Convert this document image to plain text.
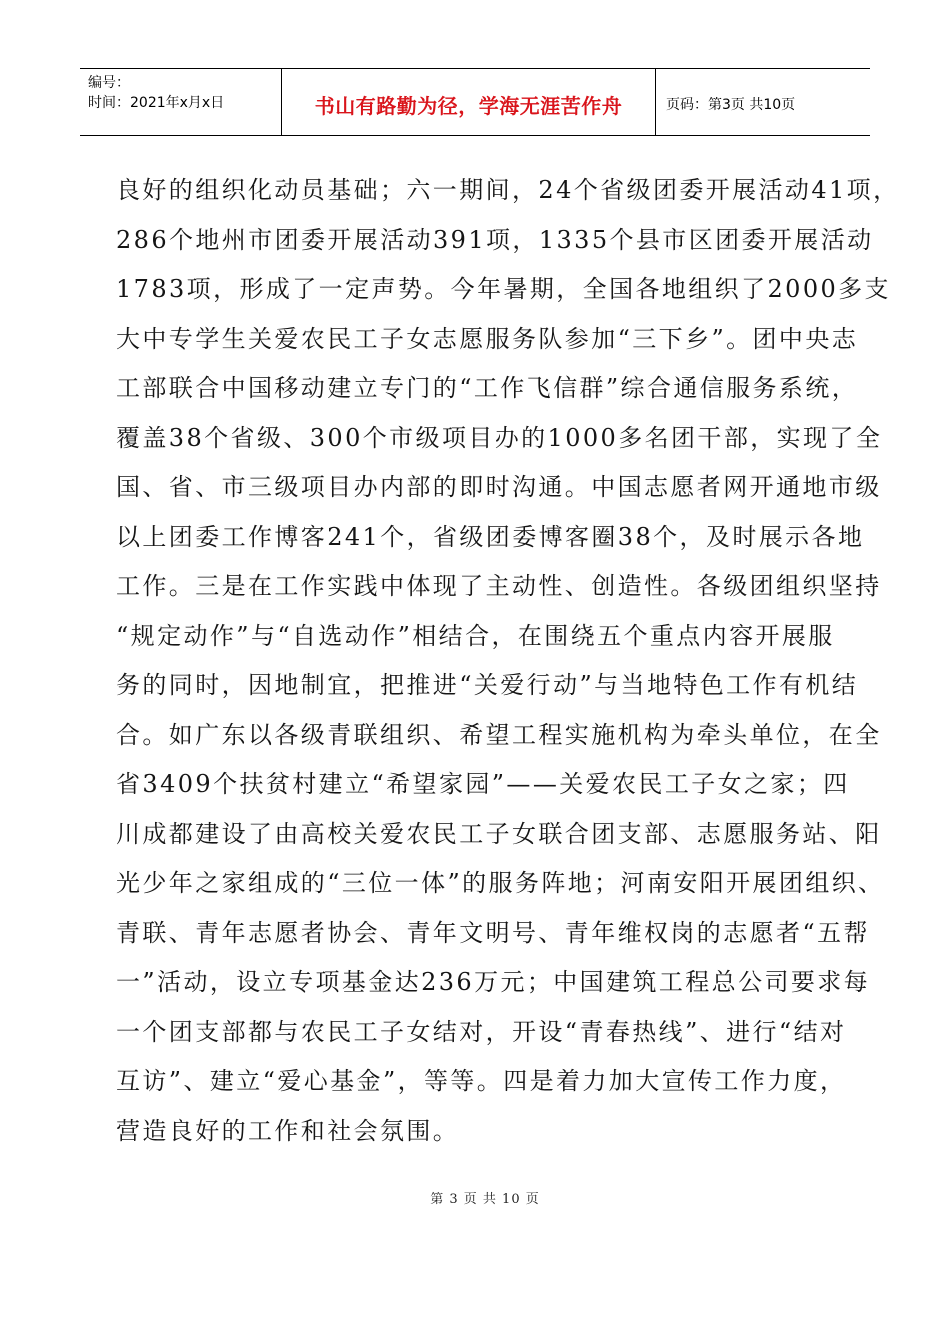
编号：
时间：2021年x月x日	书山有路勤为径，学海无涯苦作舟	页码：第3页 共10页
良好的组织化动员基础；六一期间，24个省级团委开展活动41项，
286个地州市团委开展活动391项，1335个县市区团委开展活动
1783项，形成了一定声势。今年暑期，全国各地组织了2000多支
大中专学生关爱农民工子女志愿服务队参加“三下乡”。团中央志
工部联合中国移动建立专门的“工作飞信群”综合通信服务系统，
覆盖38个省级、300个市级项目办的1000多名团干部，实现了全
国、省、市三级项目办内部的即时沟通。中国志愿者网开通地市级
以上团委工作博客241个，省级团委博客圈38个，及时展示各地
工作。三是在工作实践中体现了主动性、创造性。各级团组织坚持
“规定动作”与“自选动作”相结合，在围绕五个重点内容开展服
务的同时，因地制宜，把推进“关爱行动”与当地特色工作有机结
合。如广东以各级青联组织、希望工程实施机构为牵头单位，在全
省3409个扶贫村建立“希望家园”——关爱农民工子女之家；四
川成都建设了由高校关爱农民工子女联合团支部、志愿服务站、阳
光少年之家组成的“三位一体”的服务阵地；河南安阳开展团组织、
青联、青年志愿者协会、青年文明号、青年维权岗的志愿者“五帮
一”活动，设立专项基金达236万元；中国建筑工程总公司要求每
一个团支部都与农民工子女结对，开设“青春热线”、进行“结对
互访”、建立“爱心基金”，等等。四是着力加大宣传工作力度，
营造良好的工作和社会氛围。
第 3 页 共 10 页
